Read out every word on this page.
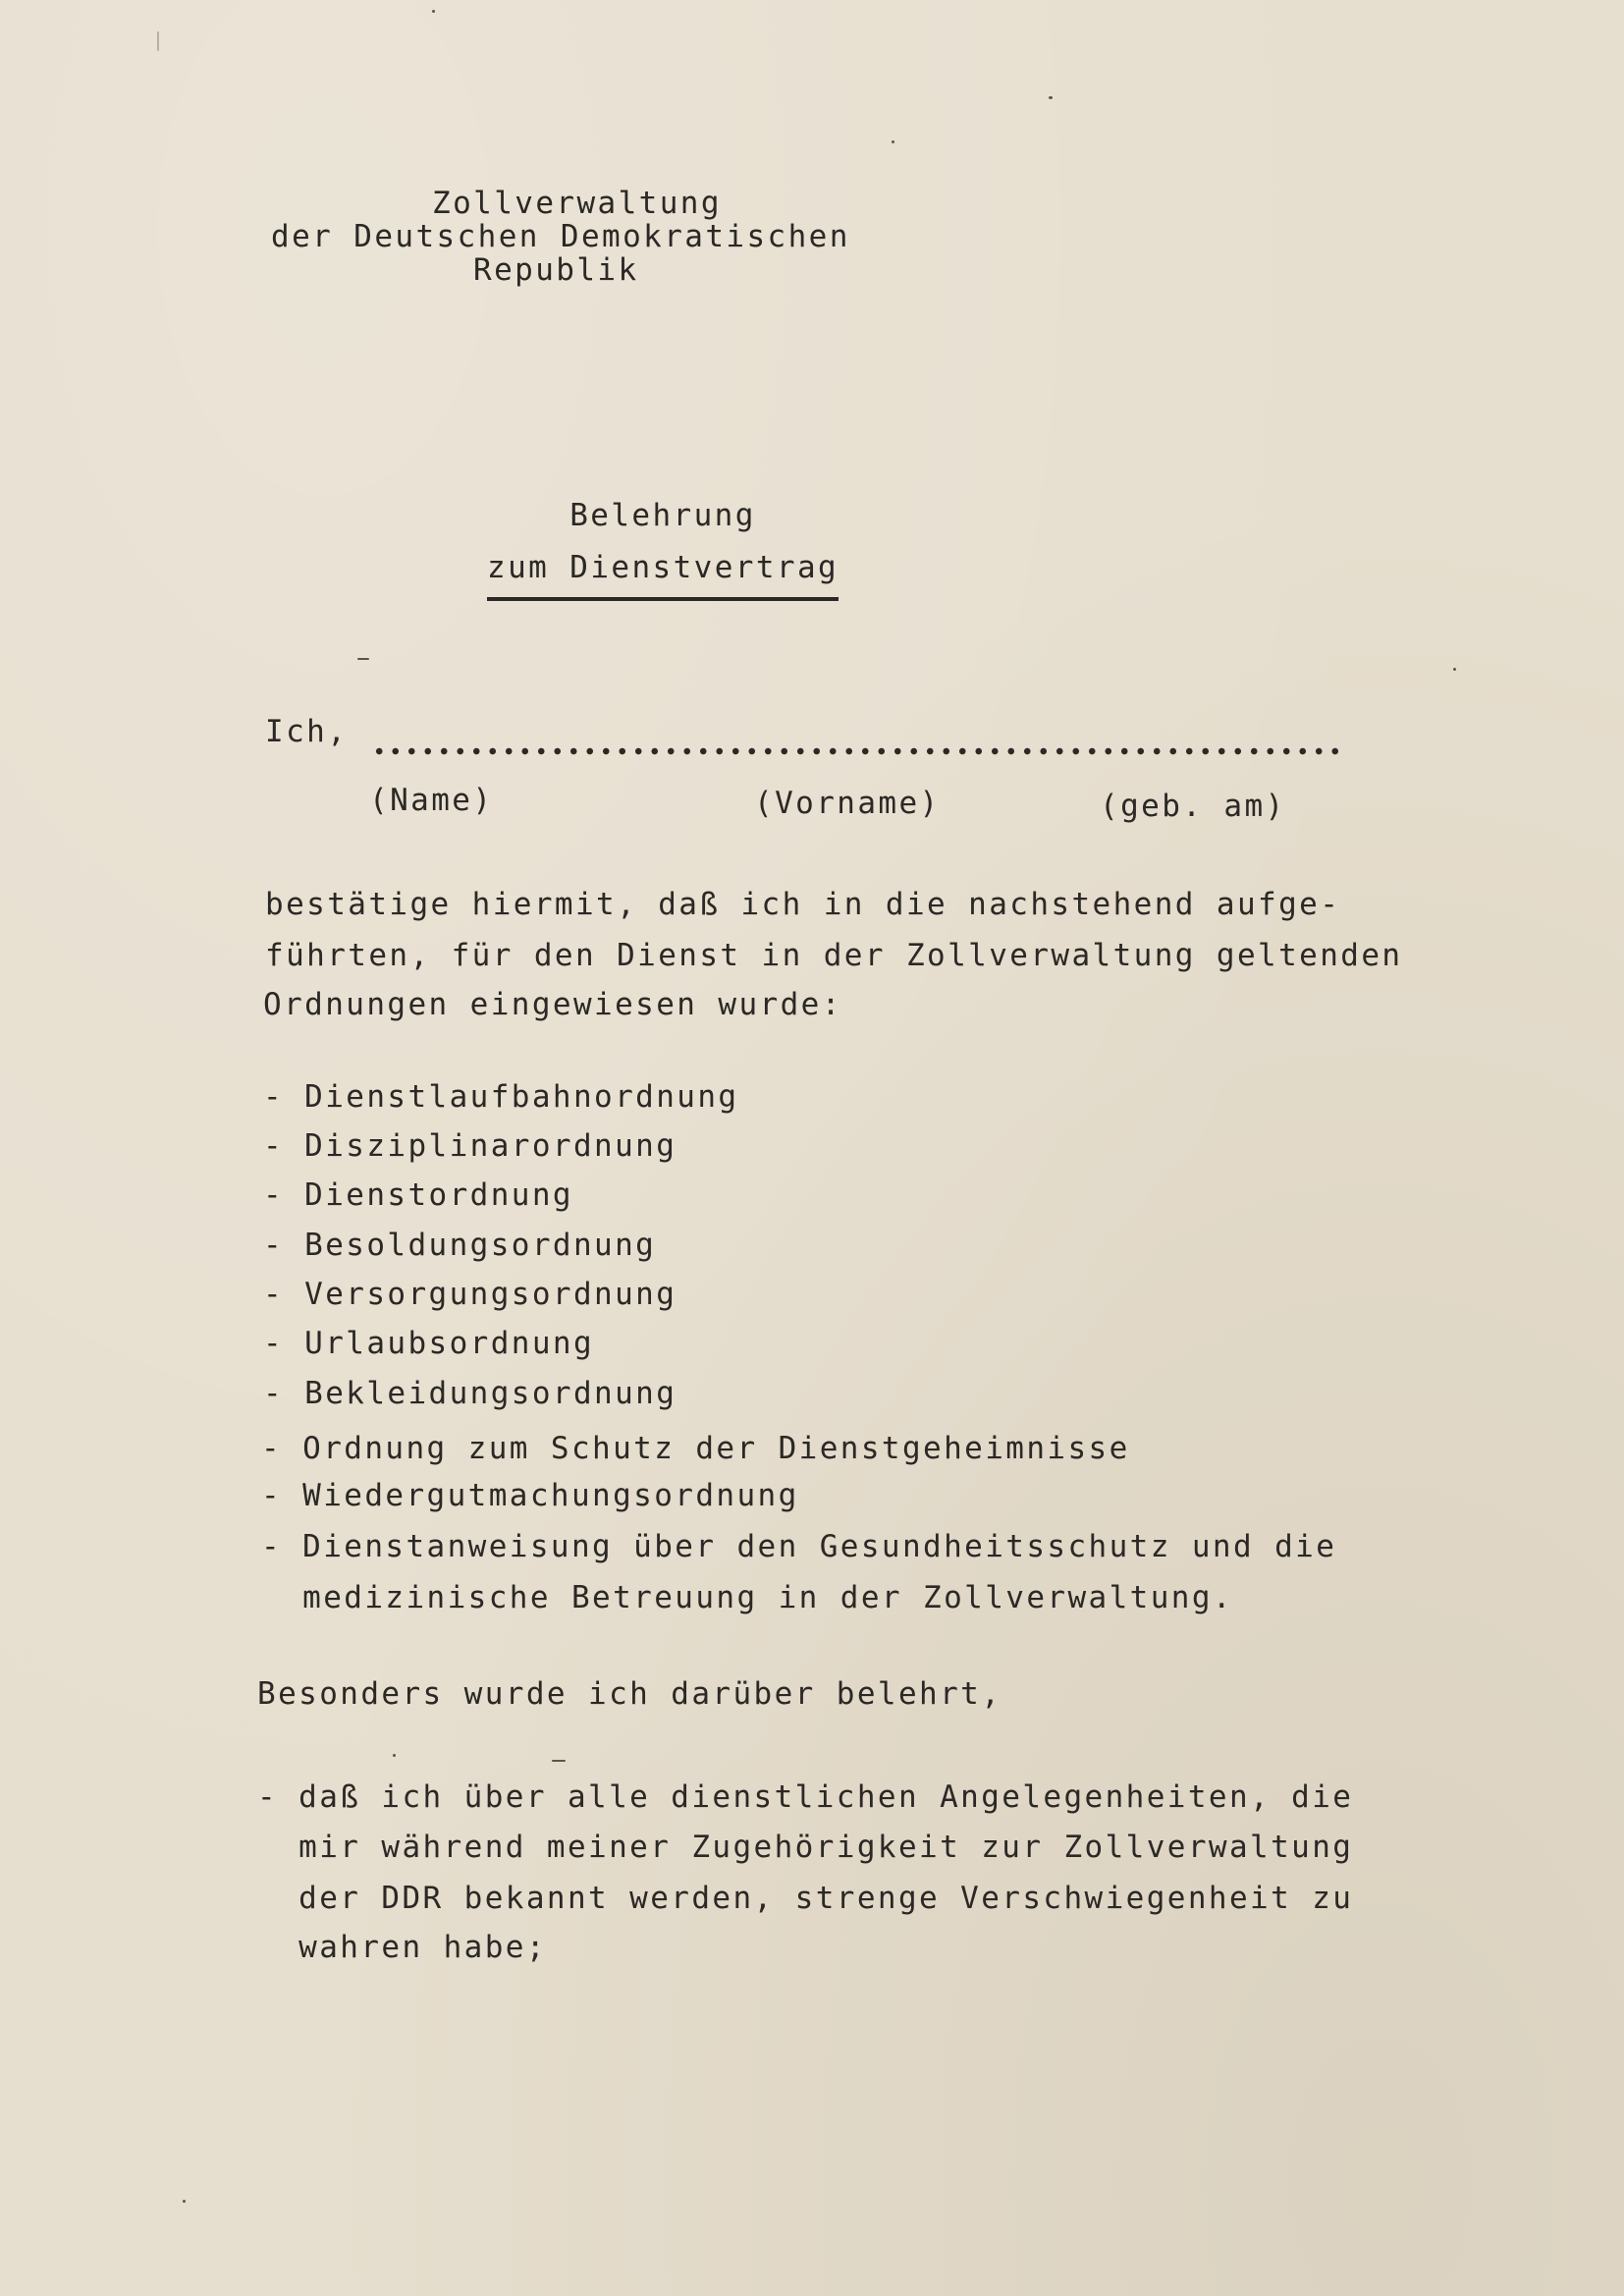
Zollverwaltung
der Deutschen Demokratischen
Republik
Belehrung
zum Dienstvertrag
Ich,
(Name)	(Vorname)	(geb. am)
bestätige hiermit, daß ich in die nachstehend aufge-
führten, für den Dienst in der Zollverwaltung geltenden
Ordnungen eingewiesen wurde:
- Dienstlaufbahnordnung
- Disziplinarordnung
- Dienstordnung
- Besoldungsordnung
- Versorgungsordnung
- Urlaubsordnung
- Bekleidungsordnung
- Ordnung zum Schutz der Dienstgeheimnisse
- Wiedergutmachungsordnung
- Dienstanweisung über den Gesundheitsschutz und die
medizinische Betreuung in der Zollverwaltung.
Besonders wurde ich darüber belehrt,
- daß ich über alle dienstlichen Angelegenheiten, die
mir während meiner Zugehörigkeit zur Zollverwaltung
der DDR bekannt werden, strenge Verschwiegenheit zu
wahren habe;
